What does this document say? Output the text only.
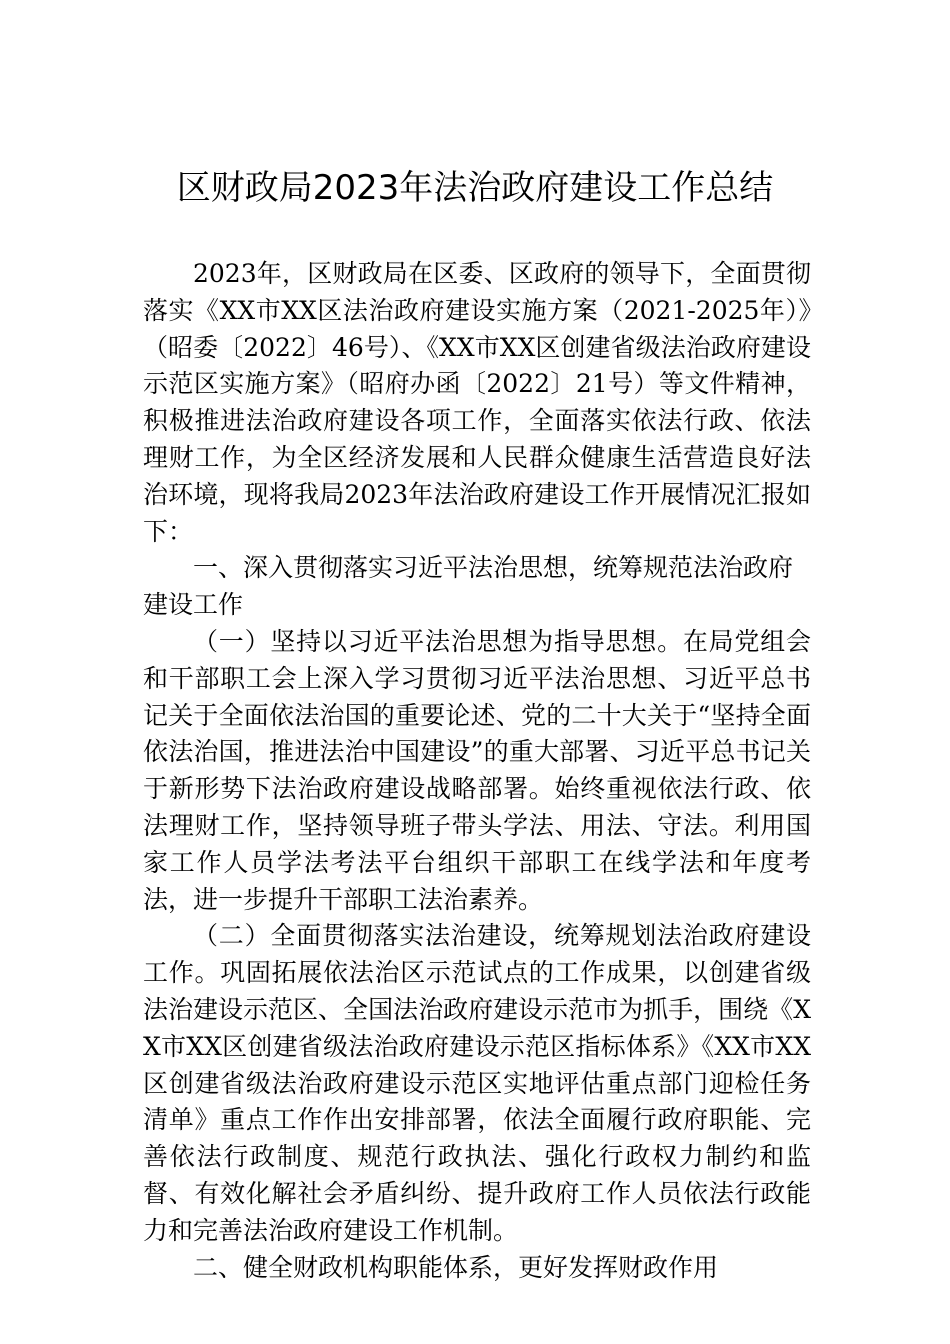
区财政局2023年法治政府建设工作总结

2023年，区财政局在区委、区政府的领导下，全面贯彻落实《XX市XX区法治政府建设实施方案（2021-2025年）》（昭委〔2022〕46号）、《XX市XX区创建省级法治政府建设示范区实施方案》（昭府办函〔2022〕21号）等文件精神，积极推进法治政府建设各项工作，全面落实依法行政、依法理财工作，为全区经济发展和人民群众健康生活营造良好法治环境，现将我局2023年法治政府建设工作开展情况汇报如下：

一、深入贯彻落实习近平法治思想，统筹规范法治政府建设工作

（一）坚持以习近平法治思想为指导思想。在局党组会和干部职工会上深入学习贯彻习近平法治思想、习近平总书记关于全面依法治国的重要论述、党的二十大关于“坚持全面依法治国，推进法治中国建设”的重大部署、习近平总书记关于新形势下法治政府建设战略部署。始终重视依法行政、依法理财工作，坚持领导班子带头学法、用法、守法。利用国家工作人员学法考法平台组织干部职工在线学法和年度考法，进一步提升干部职工法治素养。

（二）全面贯彻落实法治建设，统筹规划法治政府建设工作。巩固拓展依法治区示范试点的工作成果，以创建省级法治建设示范区、全国法治政府建设示范市为抓手，围绕《XX市XX区创建省级法治政府建设示范区指标体系》《XX市XX区创建省级法治政府建设示范区实地评估重点部门迎检任务清单》重点工作作出安排部署，依法全面履行政府职能、完善依法行政制度、规范行政执法、强化行政权力制约和监督、有效化解社会矛盾纠纷、提升政府工作人员依法行政能力和完善法治政府建设工作机制。

二、健全财政机构职能体系，更好发挥财政作用
